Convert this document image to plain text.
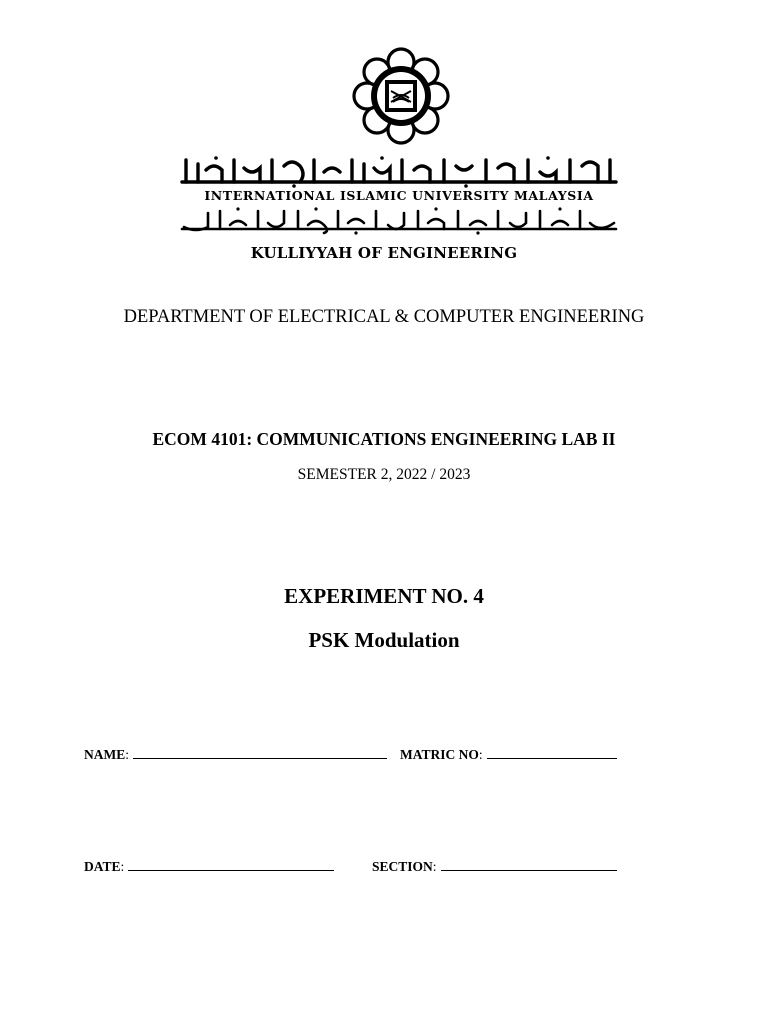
INTERNATIONAL ISLAMIC UNIVERSITY MALAYSIA
KULLIYYAH OF ENGINEERING
DEPARTMENT OF ELECTRICAL & COMPUTER ENGINEERING
ECOM 4101: COMMUNICATIONS ENGINEERING LAB II
SEMESTER 2, 2022 / 2023
EXPERIMENT NO. 4
PSK Modulation
NAME:	MATRIC NO:
DATE:	SECTION:
